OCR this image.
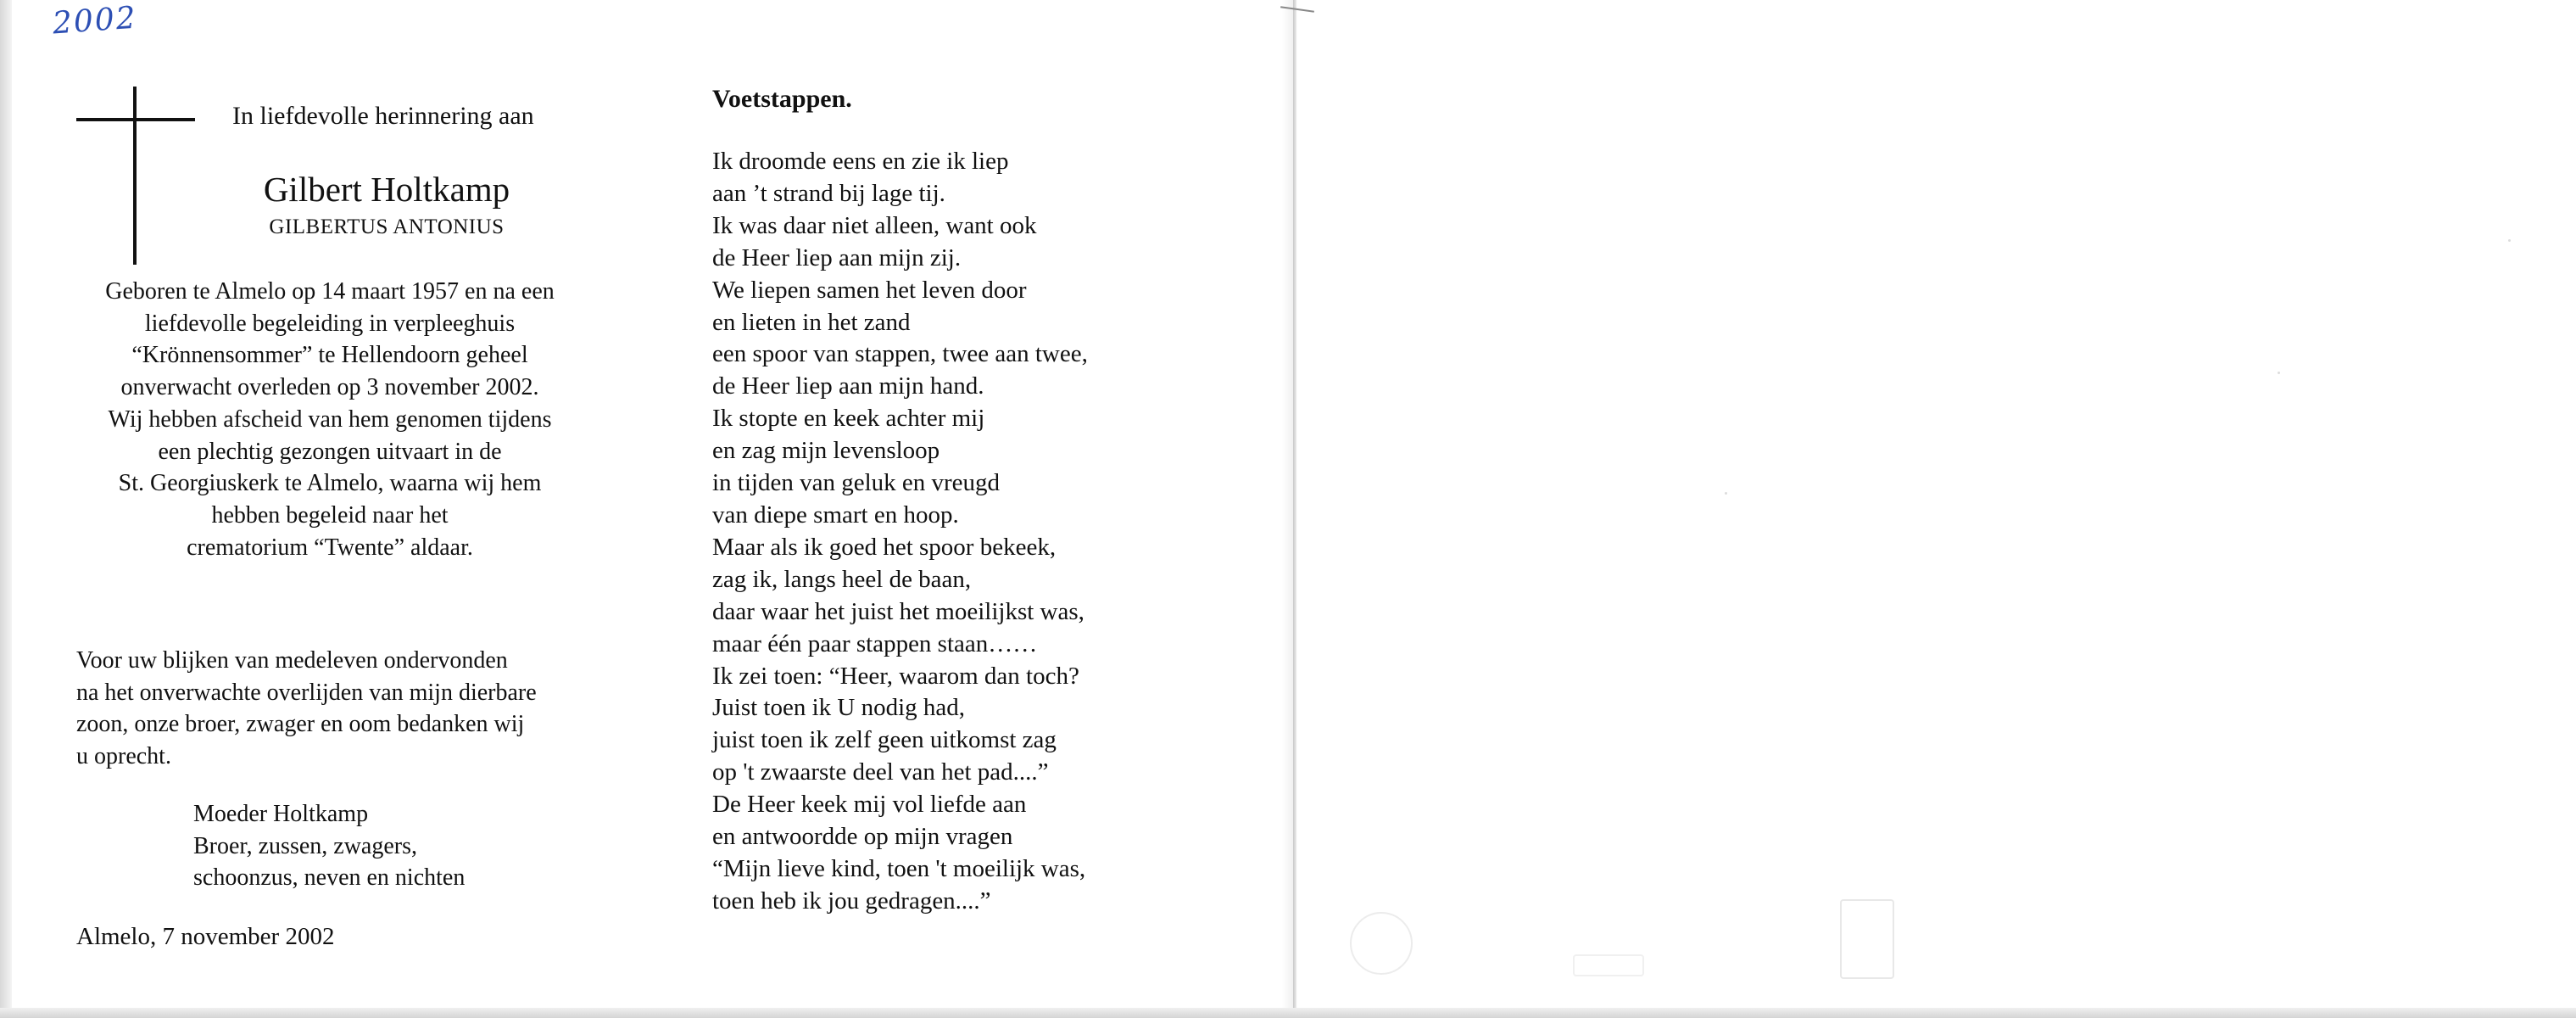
2002
In liefdevolle herinnering aan
Gilbert Holtkamp
GILBERTUS ANTONIUS
Geboren te Almelo op 14 maart 1957 en na een
liefdevolle begeleiding in verpleeghuis
“Krönnensommer” te Hellendoorn geheel
onverwacht overleden op 3 november 2002.
Wij hebben afscheid van hem genomen tijdens
een plechtig gezongen uitvaart in de
St. Georgiuskerk te Almelo, waarna wij hem
hebben begeleid naar het
crematorium “Twente” aldaar.
Voor uw blijken van medeleven ondervonden
na het onverwachte overlijden van mijn dierbare
zoon, onze broer, zwager en oom bedanken wij
u oprecht.
Moeder Holtkamp
Broer, zussen, zwagers,
schoonzus, neven en nichten
Almelo, 7 november 2002
Voetstappen.
Ik droomde eens en zie ik liep
aan ’t strand bij lage tij.
Ik was daar niet alleen, want ook
de Heer liep aan mijn zij.
We liepen samen het leven door
en lieten in het zand
een spoor van stappen, twee aan twee,
de Heer liep aan mijn hand.
Ik stopte en keek achter mij
en zag mijn levensloop
in tijden van geluk en vreugd
van diepe smart en hoop.
Maar als ik goed het spoor bekeek,
zag ik, langs heel de baan,
daar waar het juist het moeilijkst was,
maar één paar stappen staan……
Ik zei toen: “Heer, waarom dan toch?
Juist toen ik U nodig had,
juist toen ik zelf geen uitkomst zag
op 't zwaarste deel van het pad....”
De Heer keek mij vol liefde aan
en antwoordde op mijn vragen
“Mijn lieve kind, toen 't moeilijk was,
toen heb ik jou gedragen....”
